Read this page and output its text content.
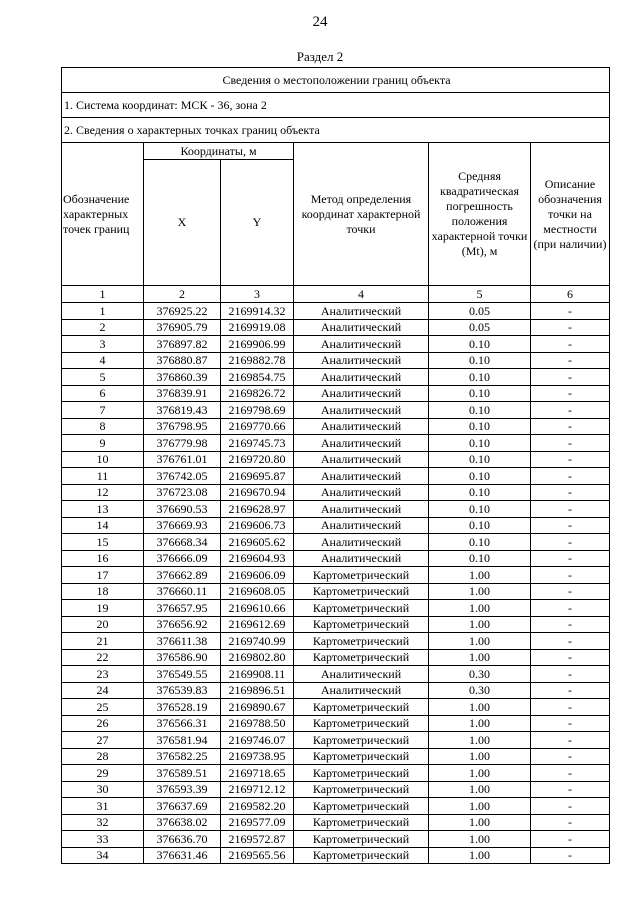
24
Раздел 2
Сведения о местоположении границ объекта					
1. Система координат: МСК - 36, зона 2					
2. Сведения о характерных точках границ объекта					
Обозначение характерных точек границ	Координаты, м		Метод определения координат характерной точки	Средняя квадратическая погрешность положения характерной точки (Mt), м	Описание обозначения точки на местности (при наличии)
	X	Y			
1	2	3	4	5	6
1	376925.22	2169914.32	Аналитический	0.05	-
2	376905.79	2169919.08	Аналитический	0.05	-
3	376897.82	2169906.99	Аналитический	0.10	-
4	376880.87	2169882.78	Аналитический	0.10	-
5	376860.39	2169854.75	Аналитический	0.10	-
6	376839.91	2169826.72	Аналитический	0.10	-
7	376819.43	2169798.69	Аналитический	0.10	-
8	376798.95	2169770.66	Аналитический	0.10	-
9	376779.98	2169745.73	Аналитический	0.10	-
10	376761.01	2169720.80	Аналитический	0.10	-
11	376742.05	2169695.87	Аналитический	0.10	-
12	376723.08	2169670.94	Аналитический	0.10	-
13	376690.53	2169628.97	Аналитический	0.10	-
14	376669.93	2169606.73	Аналитический	0.10	-
15	376668.34	2169605.62	Аналитический	0.10	-
16	376666.09	2169604.93	Аналитический	0.10	-
17	376662.89	2169606.09	Картометрический	1.00	-
18	376660.11	2169608.05	Картометрический	1.00	-
19	376657.95	2169610.66	Картометрический	1.00	-
20	376656.92	2169612.69	Картометрический	1.00	-
21	376611.38	2169740.99	Картометрический	1.00	-
22	376586.90	2169802.80	Картометрический	1.00	-
23	376549.55	2169908.11	Аналитический	0.30	-
24	376539.83	2169896.51	Аналитический	0.30	-
25	376528.19	2169890.67	Картометрический	1.00	-
26	376566.31	2169788.50	Картометрический	1.00	-
27	376581.94	2169746.07	Картометрический	1.00	-
28	376582.25	2169738.95	Картометрический	1.00	-
29	376589.51	2169718.65	Картометрический	1.00	-
30	376593.39	2169712.12	Картометрический	1.00	-
31	376637.69	2169582.20	Картометрический	1.00	-
32	376638.02	2169577.09	Картометрический	1.00	-
33	376636.70	2169572.87	Картометрический	1.00	-
34	376631.46	2169565.56	Картометрический	1.00	-
